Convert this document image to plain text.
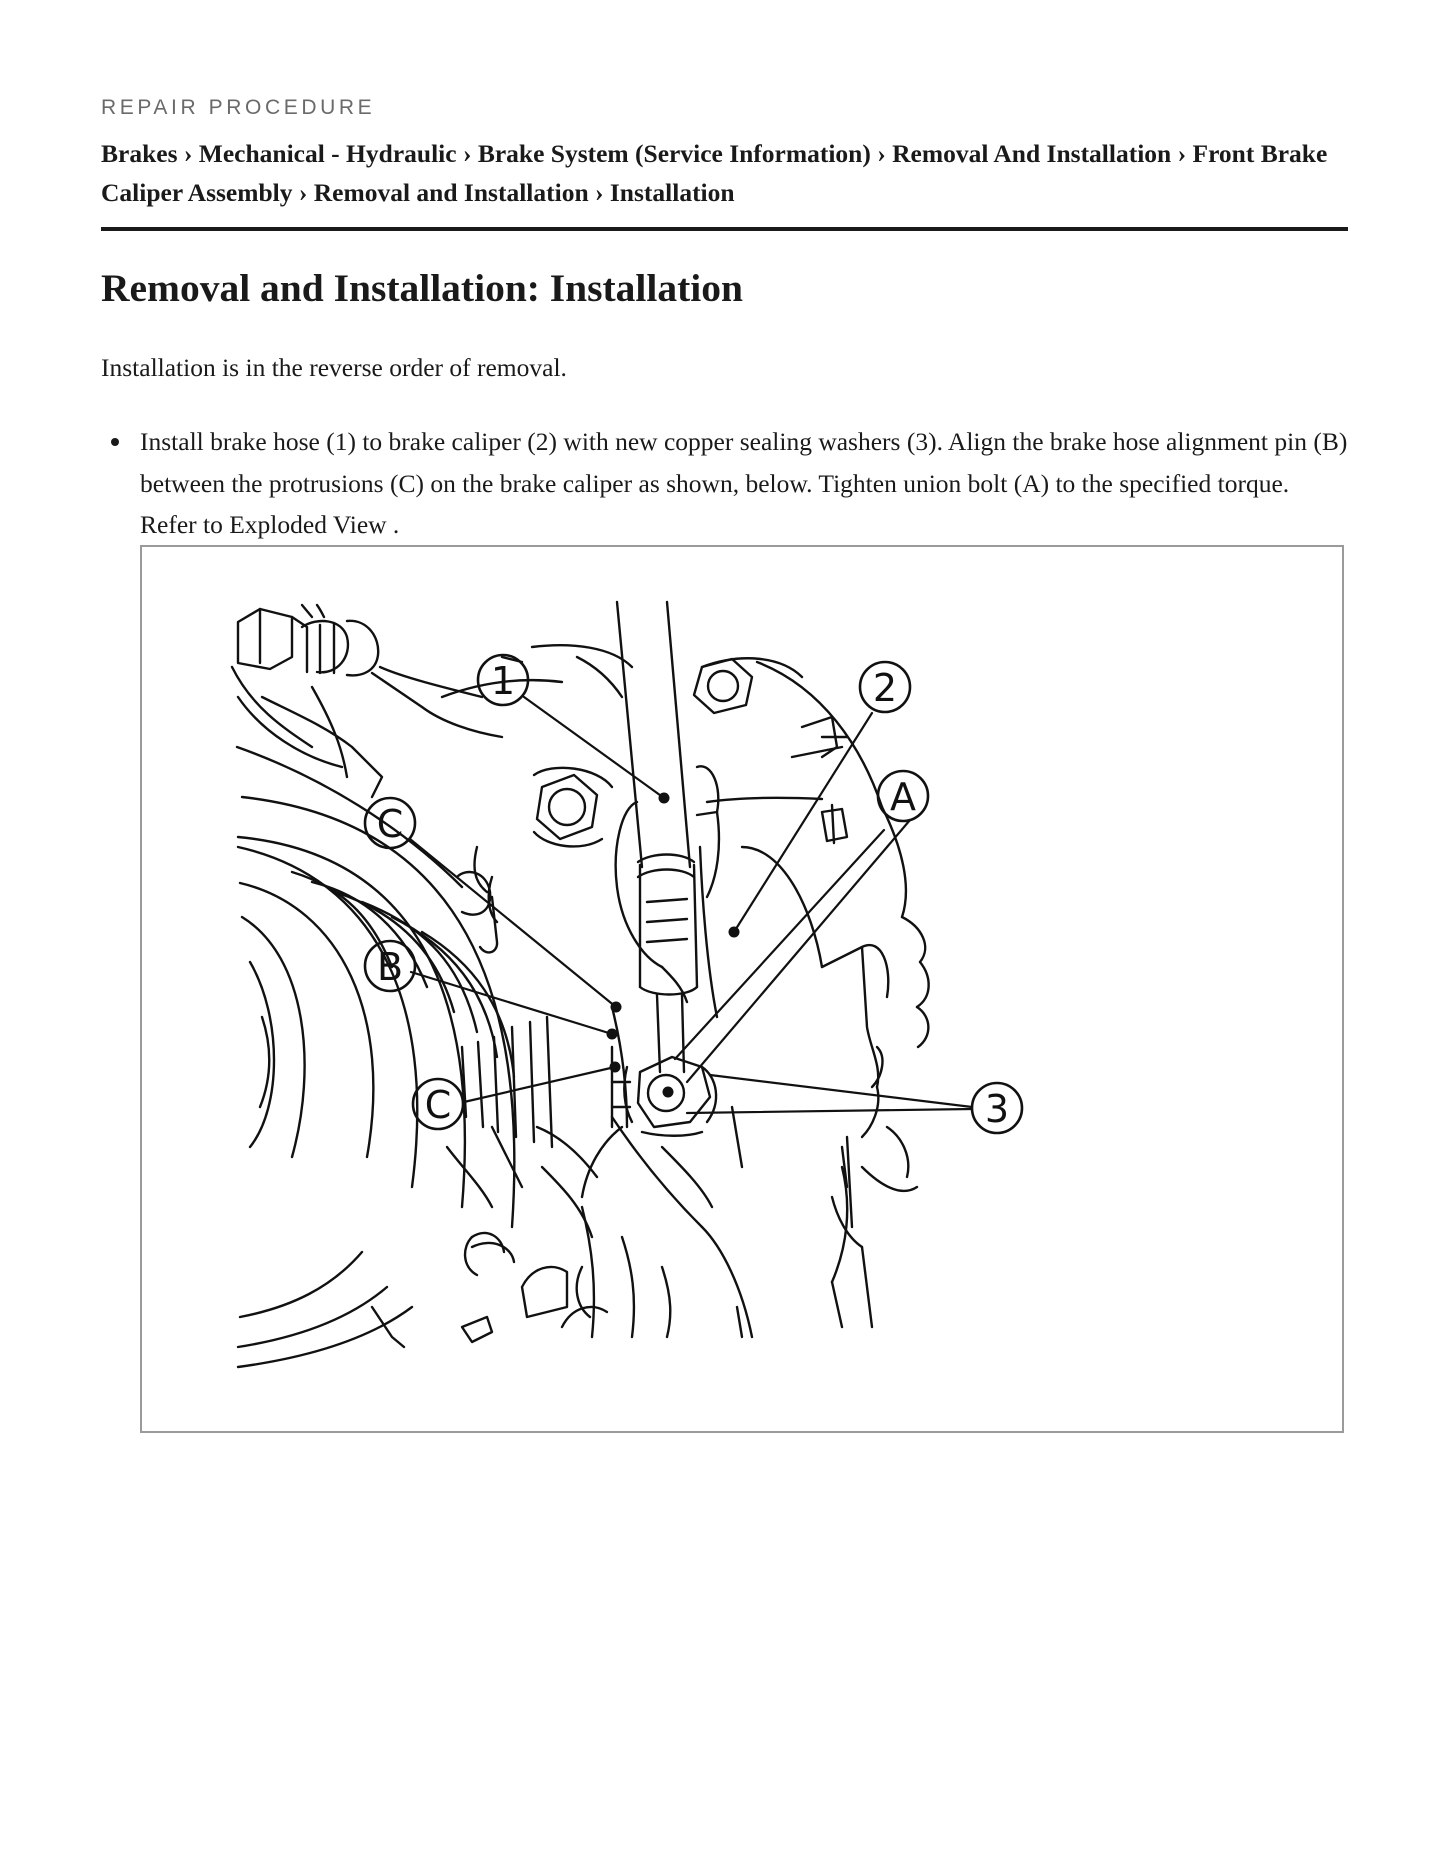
REPAIR PROCEDURE
Brakes › Mechanical - Hydraulic › Brake System (Service Information) › Removal And Installation › Front Brake Caliper Assembly › Removal and Installation › Installation
Removal and Installation: Installation

Installation is in the reverse order of removal.

Install brake hose (1) to brake caliper (2) with new copper sealing washers (3). Align the brake hose alignment pin (B) between the protrusions (C) on the brake caliper as shown, below. Tighten union bolt (A) to the specified torque. Refer to Exploded View .
1	2
A
C
B
C	3
